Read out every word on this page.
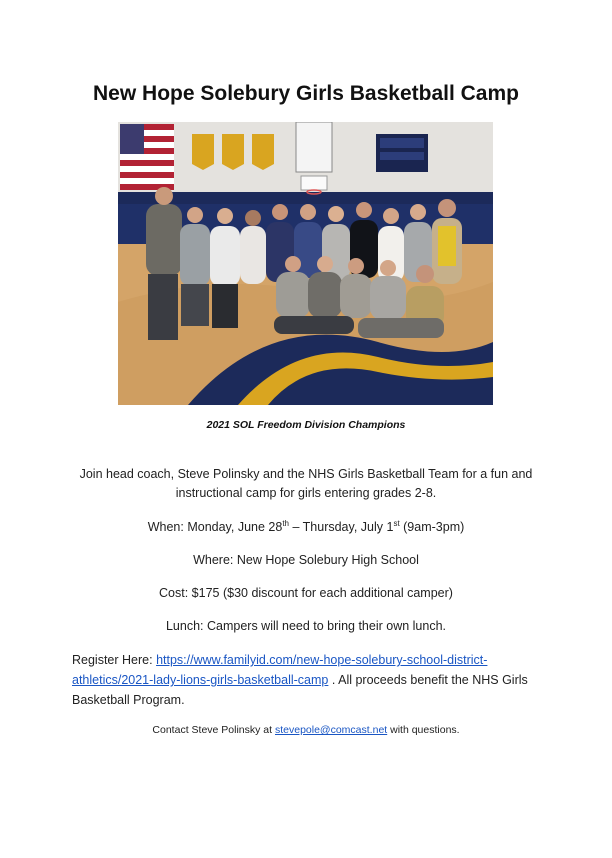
New Hope Solebury Girls Basketball Camp
2021 SOL Freedom Division Champions
Join head coach, Steve Polinsky and the NHS Girls Basketball Team for a fun and instructional camp for girls entering grades 2-8.
When: Monday, June 28th – Thursday, July 1st (9am-3pm)
Where: New Hope Solebury High School
Cost: $175 ($30 discount for each additional camper)
Lunch: Campers will need to bring their own lunch.
Register Here: https://www.familyid.com/new-hope-solebury-school-district-athletics/2021-lady-lions-girls-basketball-camp . All proceeds benefit the NHS Girls Basketball Program.
Contact Steve Polinsky at stevepole@comcast.net with questions.
